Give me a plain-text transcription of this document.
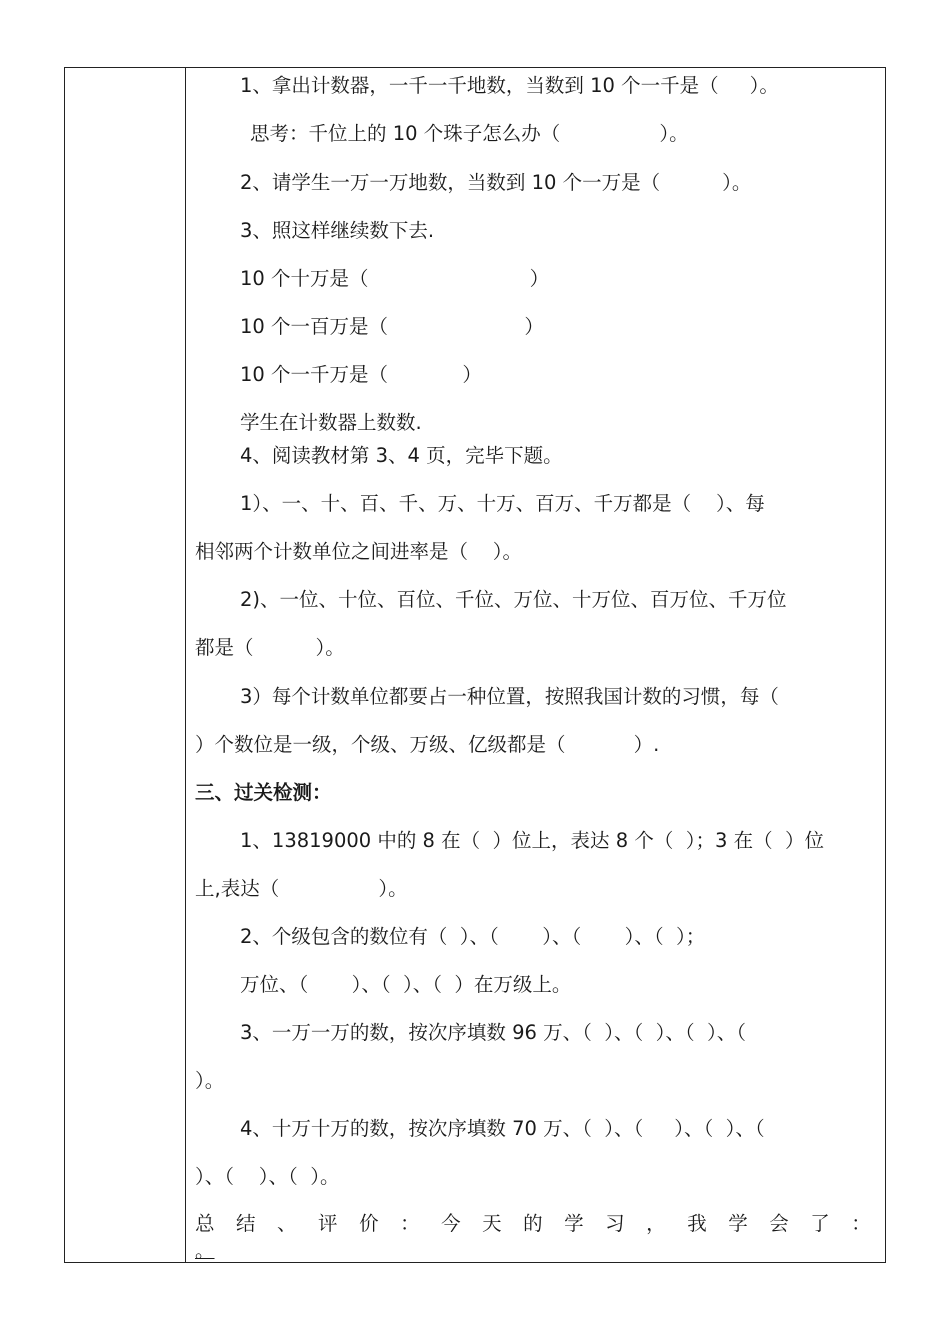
1、拿出计数器，一千一千地数，当数到 10 个一千是（     ）。
思考：千位上的 10 个珠子怎么办（                ）。
2、请学生一万一万地数，当数到 10 个一万是（          ）。
3、照这样继续数下去.
10 个十万是（                          ）
10 个一百万是（                      ）
10 个一千万是（            ）
学生在计数器上数数.
4、阅读教材第 3、4 页，完毕下题。
1）、一、十、百、千、万、十万、百万、千万都是（    ）、每
相邻两个计数单位之间进率是（    ）。
2)、一位、十位、百位、千位、万位、十万位、百万位、千万位
都是（          ）。
3）每个计数单位都要占一种位置，按照我国计数的习惯，每（
）个数位是一级，个级、万级、亿级都是（           ）.
三、过关检测：
1、13819000 中的 8 在（  ）位上，表达 8 个（  ）；3 在（  ）位
上,表达（                ）。
2、个级包含的数位有（  ）、（       ）、（       ）、（  ）；
万位、（       ）、（  ）、（  ）在万级上。
3、一万一万的数，按次序填数 96 万、（  ）、（  ）、（  ）、（
）。
4、十万十万的数，按次序填数 70 万、（  ）、（     ）、（  ）、（
）、（    ）、（  ）。
总 结 、 评 价 ： 今 天 的 学 习 ， 我 学 会 了 ：
。
